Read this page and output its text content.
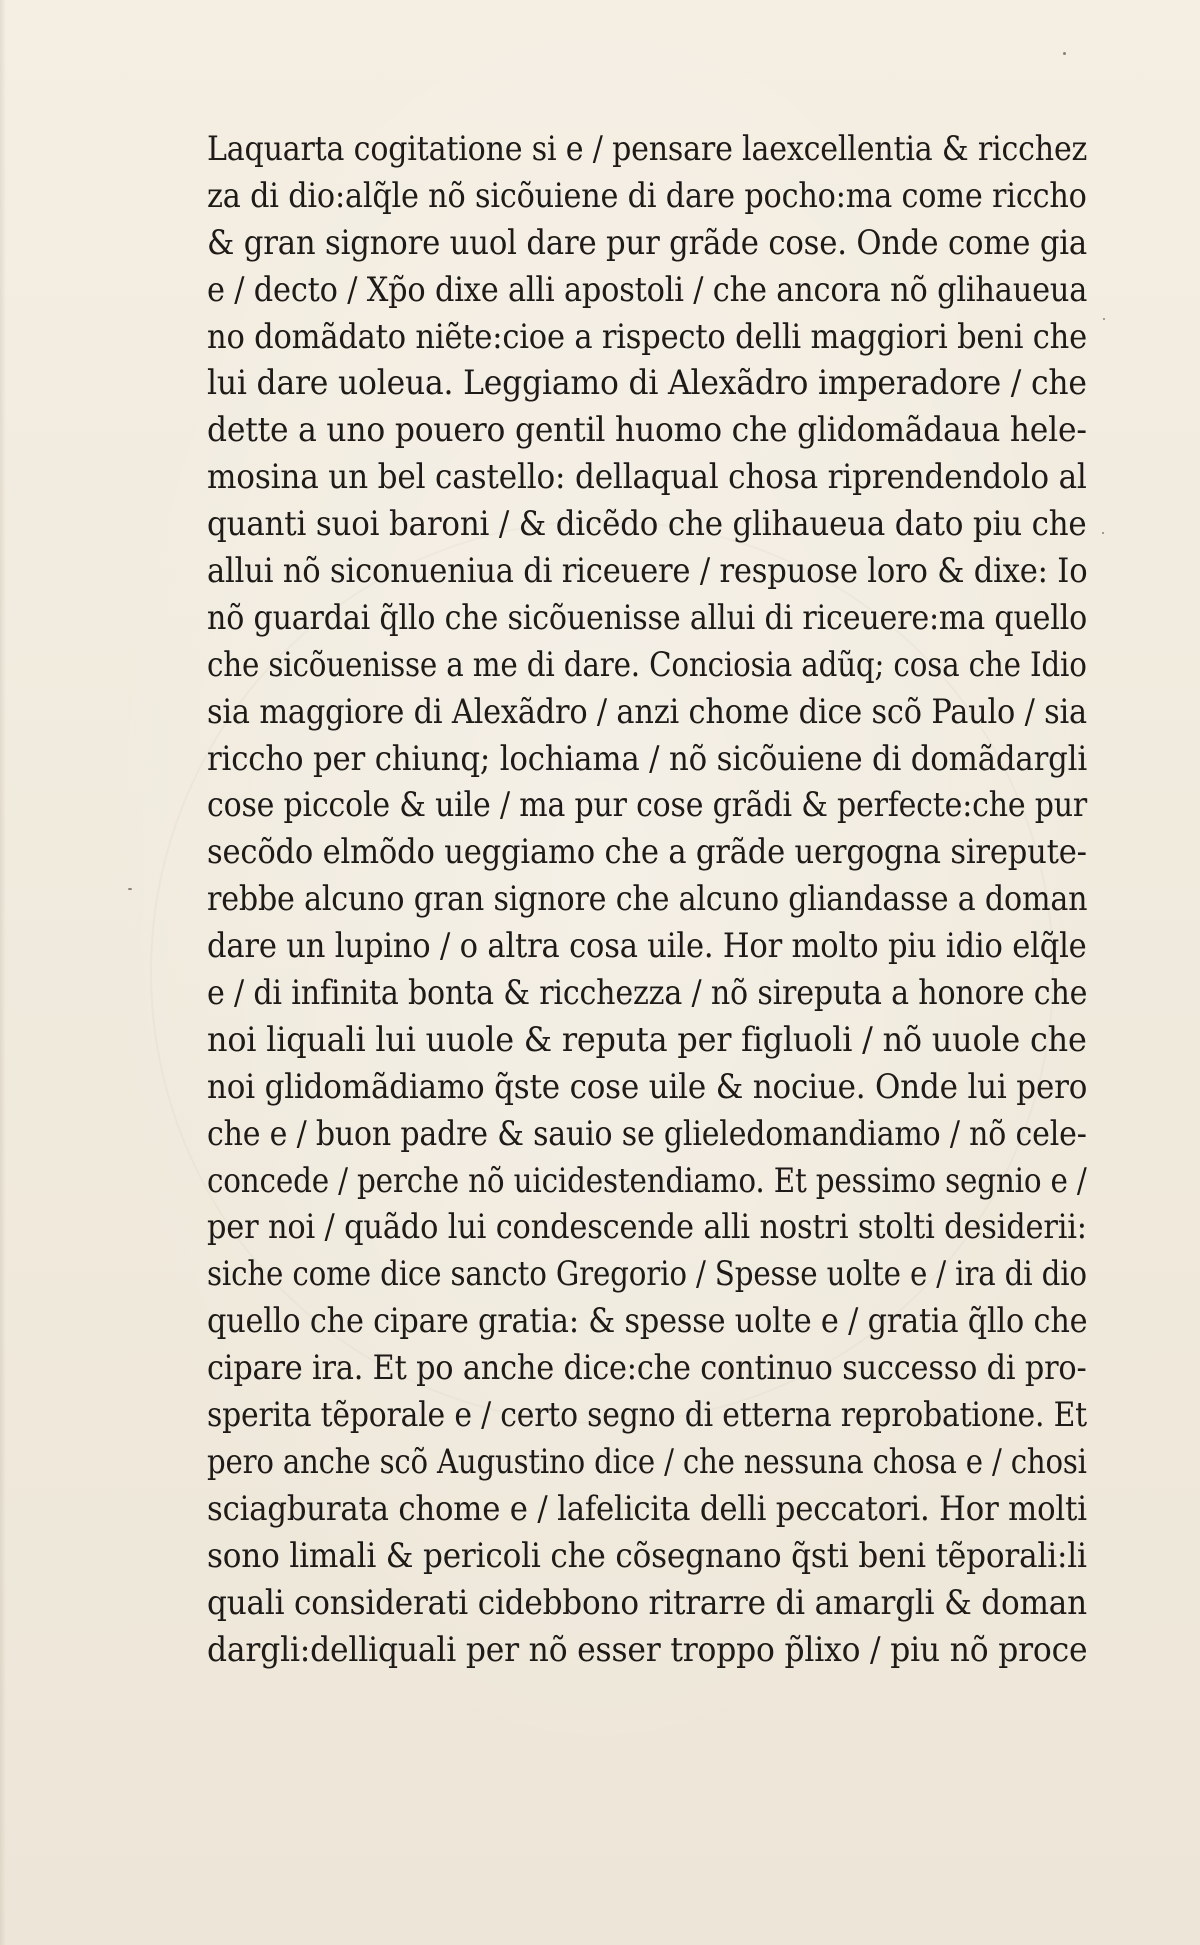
Laquarta cogitatione si e / pensare laexcellentia & ricchez
za di dio:alq̃le nõ sicõuiene di dare pocho:ma come riccho
& gran signore uuol dare pur grãde cose. Onde come gia
e / decto / Xp̃o dixe alli apostoli / che ancora nõ glihaueua
no domãdato niẽte:cioe a rispecto delli maggiori beni che
lui dare uoleua. Leggiamo di Alexãdro imperadore / che
dette a uno pouero gentil huomo che glidomãdaua hele-
mosina un bel castello: dellaqual chosa riprendendolo al
quanti suoi baroni / & dicẽdo che glihaueua dato piu che
allui nõ siconueniua di riceuere / respuose loro & dixe: Io
nõ guardai q̃llo che sicõuenisse allui di riceuere:ma quello
che sicõuenisse a me di dare. Conciosia adũq; cosa che Idio
sia maggiore di Alexãdro / anzi chome dice scõ Paulo / sia
riccho per chiunq; lochiama / nõ sicõuiene di domãdargli
cose piccole & uile / ma pur cose grãdi & perfecte:che pur
secõdo elmõdo ueggiamo che a grãde uergogna sirepute-
rebbe alcuno gran signore che alcuno gliandasse a doman
dare un lupino / o altra cosa uile. Hor molto piu idio elq̃le
e / di infinita bonta & ricchezza / nõ sireputa a honore che
noi liquali lui uuole & reputa per figluoli / nõ uuole che
noi glidomãdiamo q̃ste cose uile & nociue. Onde lui pero
che e / buon padre & sauio se glieledomandiamo / nõ cele-
concede / perche nõ uicidestendiamo. Et pessimo segnio e /
per noi / quãdo lui condescende alli nostri stolti desiderii:
siche come dice sancto Gregorio / Spesse uolte e / ira di dio
quello che cipare gratia: & spesse uolte e / gratia q̃llo che
cipare ira. Et po anche dice:che continuo successo di pro-
sperita tẽporale e / certo segno di etterna reprobatione. Et
pero anche scõ Augustino dice / che nessuna chosa e / chosi
sciagburata chome e / lafelicita delli peccatori. Hor molti
sono limali & pericoli che cõsegnano q̃sti beni tẽporali:li
quali considerati cidebbono ritrarre di amargli & doman
dargli:delliquali per nõ esser troppo p̃lixo / piu nõ proce
